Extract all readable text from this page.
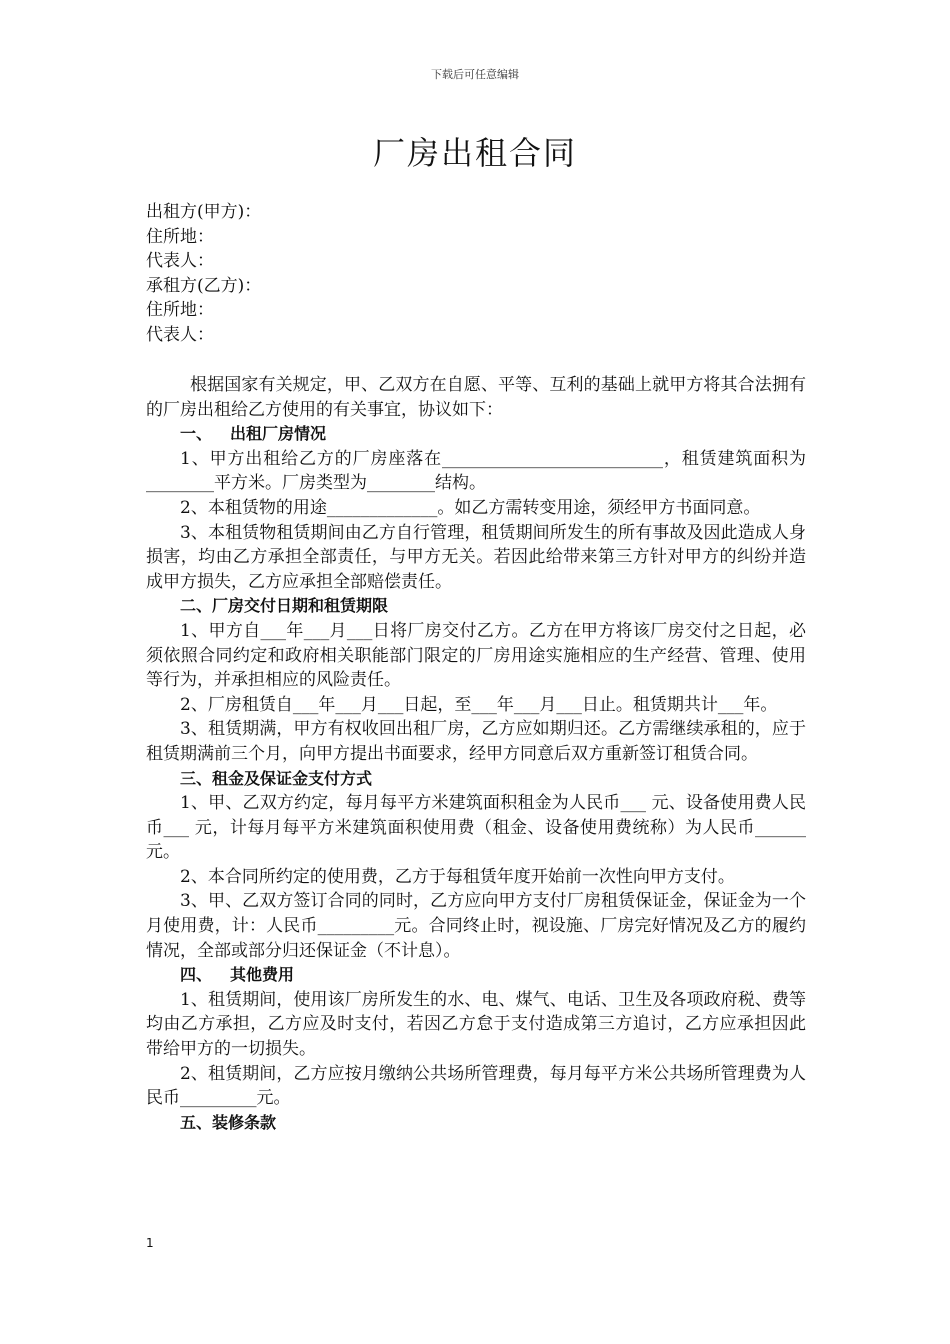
下载后可任意编辑
厂房出租合同
出租方(甲方)：
住所地：
代表人：
承租方(乙方)：
住所地：
代表人：

根据国家有关规定，甲、乙双方在自愿、平等、互利的基础上就甲方将其合法拥有的厂房出租给乙方使用的有关事宜，协议如下：

一、 出租厂房情况

1、甲方出租给乙方的厂房座落在__________________________，租赁建筑面积为 ________平方米。厂房类型为________结构。

2、本租赁物的用途_____________。如乙方需转变用途，须经甲方书面同意。

3、本租赁物租赁期间由乙方自行管理，租赁期间所发生的所有事故及因此造成人身损害，均由乙方承担全部责任，与甲方无关。若因此给带来第三方针对甲方的纠纷并造成甲方损失，乙方应承担全部赔偿责任。

二、厂房交付日期和租赁期限

1、甲方自___年___月___日将厂房交付乙方。乙方在甲方将该厂房交付之日起，必须依照合同约定和政府相关职能部门限定的厂房用途实施相应的生产经营、管理、使用等行为，并承担相应的风险责任。

2、厂房租赁自___年___月___日起，至___年___月___日止。租赁期共计___年。

3、租赁期满，甲方有权收回出租厂房，乙方应如期归还。乙方需继续承租的，应于租赁期满前三个月，向甲方提出书面要求，经甲方同意后双方重新签订租赁合同。

三、租金及保证金支付方式

1、甲、乙双方约定，每月每平方米建筑面积租金为人民币___ 元、设备使用费人民币___ 元，计每月每平方米建筑面积使用费（租金、设备使用费统称）为人民币______元。

2、本合同所约定的使用费，乙方于每租赁年度开始前一次性向甲方支付。

3、甲、乙双方签订合同的同时，乙方应向甲方支付厂房租赁保证金，保证金为一个月使用费，计：人民币_________元。合同终止时，视设施、厂房完好情况及乙方的履约情况，全部或部分归还保证金（不计息）。

四、 其他费用

1、租赁期间，使用该厂房所发生的水、电、煤气、电话、卫生及各项政府税、费等均由乙方承担，乙方应及时支付，若因乙方怠于支付造成第三方追讨，乙方应承担因此带给甲方的一切损失。

2、租赁期间，乙方应按月缴纳公共场所管理费，每月每平方米公共场所管理费为人民币_________元。

五、装修条款

1
